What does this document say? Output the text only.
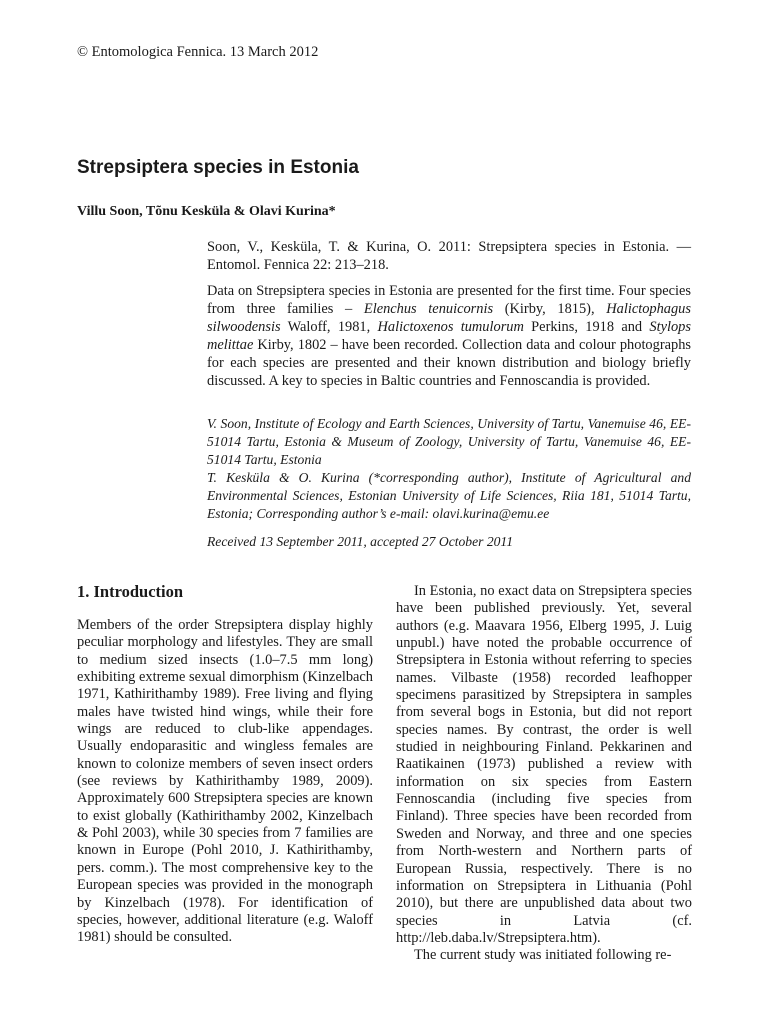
© Entomologica Fennica. 13 March 2012
Strepsiptera species in Estonia
Villu Soon, Tõnu Kesküla & Olavi Kurina*
Soon, V., Kesküla, T. & Kurina, O. 2011: Strepsiptera species in Estonia. — Entomol. Fennica 22: 213–218.
Data on Strepsiptera species in Estonia are presented for the first time. Four species from three families – Elenchus tenuicornis (Kirby, 1815), Halictophagus silwoodensis Waloff, 1981, Halictoxenos tumulorum Perkins, 1918 and Stylops melittae Kirby, 1802 – have been recorded. Collection data and colour photographs for each species are presented and their known distribution and biology briefly discussed. A key to species in Baltic countries and Fennoscandia is provided.

V. Soon, Institute of Ecology and Earth Sciences, University of Tartu, Vanemuise 46, EE-51014 Tartu, Estonia & Museum of Zoology, University of Tartu, Vanemuise 46, EE-51014 Tartu, Estonia

T. Kesküla & O. Kurina (*corresponding author), Institute of Agricultural and Environmental Sciences, Estonian University of Life Sciences, Riia 181, 51014 Tartu, Estonia; Corresponding author’s e-mail: olavi.kurina@emu.ee

Received 13 September 2011, accepted 27 October 2011
1. Introduction
Members of the order Strepsiptera display highly peculiar morphology and lifestyles. They are small to medium sized insects (1.0–7.5 mm long) exhibiting extreme sexual dimorphism (Kinzelbach 1971, Kathirithamby 1989). Free living and flying males have twisted hind wings, while their fore wings are reduced to club-like appendages. Usually endoparasitic and wingless females are known to colonize members of seven insect orders (see reviews by Kathirithamby 1989, 2009). Approximately 600 Strepsiptera species are known to exist globally (Kathirithamby 2002, Kinzelbach & Pohl 2003), while 30 species from 7 families are known in Europe (Pohl 2010, J. Kathirithamby, pers. comm.). The most comprehensive key to the European species was provided in the monograph by Kinzelbach (1978). For identification of species, however, additional literature (e.g. Waloff 1981) should be consulted.

In Estonia, no exact data on Strepsiptera species have been published previously. Yet, several authors (e.g. Maavara 1956, Elberg 1995, J. Luig unpubl.) have noted the probable occurrence of Strepsiptera in Estonia without referring to species names. Vilbaste (1958) recorded leafhopper specimens parasitized by Strepsiptera in samples from several bogs in Estonia, but did not report species names. By contrast, the order is well studied in neighbouring Finland. Pekkarinen and Raatikainen (1973) published a review with information on six species from Eastern Fennoscandia (including five species from Finland). Three species have been recorded from Sweden and Norway, and three and one species from North-western and Northern parts of European Russia, respectively. There is no information on Strepsiptera in Lithuania (Pohl 2010), but there are unpublished data about two species in Latvia (cf. http://leb.daba.lv/Strepsiptera.htm).

The current study was initiated following re-
